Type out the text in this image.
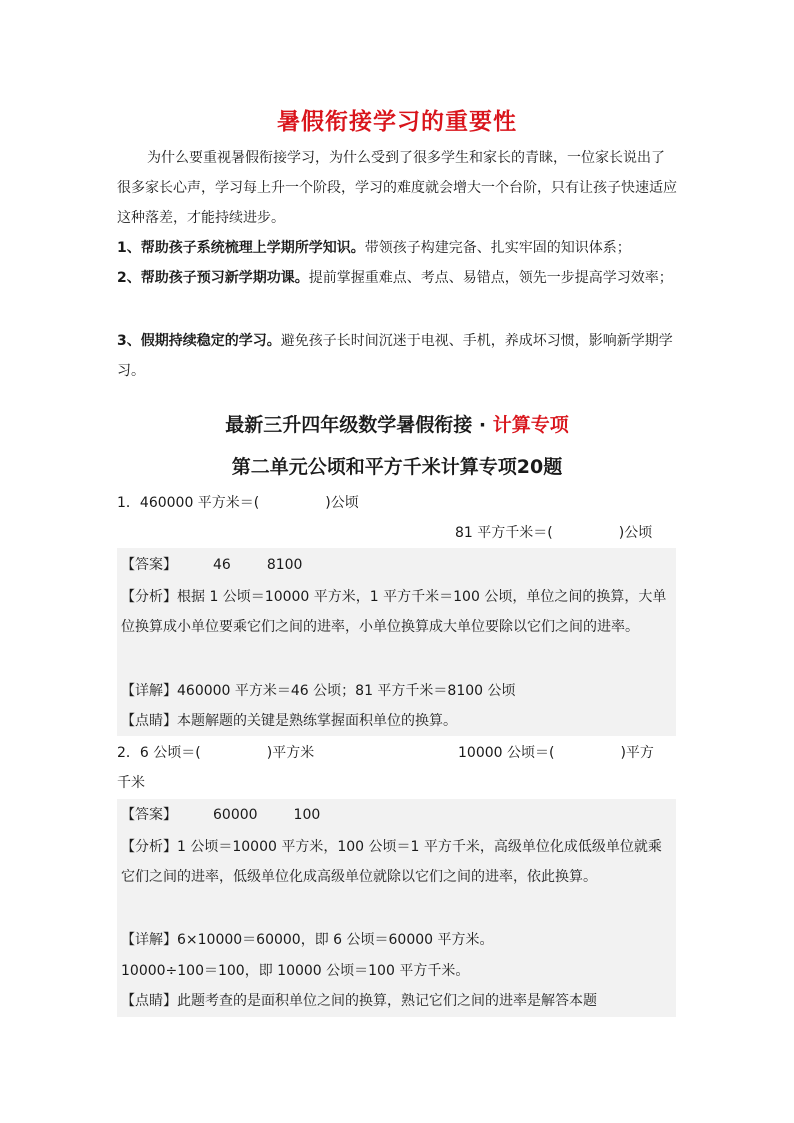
暑假衔接学习的重要性
为什么要重视暑假衔接学习，为什么受到了很多学生和家长的青睐，一位家长说出了很多家长心声，学习每上升一个阶段，学习的难度就会增大一个台阶，只有让孩子快速适应这种落差，才能持续进步。
1、帮助孩子系统梳理上学期所学知识。带领孩子构建完备、扎实牢固的知识体系；
2、帮助孩子预习新学期功课。提前掌握重难点、考点、易错点，领先一步提高学习效率；
3、假期持续稳定的学习。避免孩子长时间沉迷于电视、手机，养成坏习惯，影响新学期学习。
最新三升四年级数学暑假衔接 · 计算专项
第二单元公顷和平方千米计算专项20题
1．460000 平方米＝(	)公顷
81 平方千米＝(	)公顷
【答案】	46	8100
【分析】根据 1 公顷＝10000 平方米，1 平方千米＝100 公顷，单位之间的换算，大单位换算成小单位要乘它们之间的进率，小单位换算成大单位要除以它们之间的进率。
【详解】460000 平方米＝46 公顷；81 平方千米＝8100 公顷
【点睛】本题解题的关键是熟练掌握面积单位的换算。
2．6 公顷＝(	)平方米	10000 公顷＝(	)平方
千米
【答案】	60000	100
【分析】1 公顷＝10000 平方米，100 公顷＝1 平方千米，高级单位化成低级单位就乘它们之间的进率，低级单位化成高级单位就除以它们之间的进率，依此换算。
【详解】6×10000＝60000，即 6 公顷＝60000 平方米。
10000÷100＝100，即 10000 公顷＝100 平方千米。
【点睛】此题考查的是面积单位之间的换算，熟记它们之间的进率是解答本题
